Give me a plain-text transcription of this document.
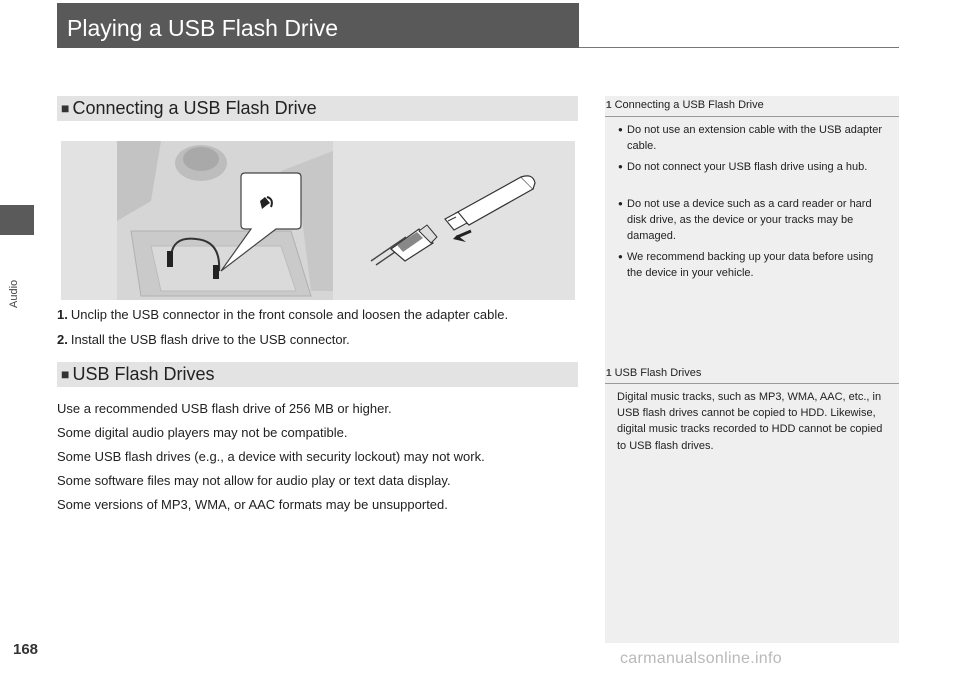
Audio
Playing a USB Flash Drive
■ Connecting a USB Flash Drive
1. Unclip the USB connector in the front console and loosen the adapter cable.
2. Install the USB flash drive to the USB connector.
■ USB Flash Drives
Use a recommended USB flash drive of 256 MB or higher.
Some digital audio players may not be compatible.
Some USB flash drives (e.g., a device with security lockout) may not work.
Some software files may not allow for audio play or text data display.
Some versions of MP3, WMA, or AAC formats may be unsupported.
1 Connecting a USB Flash Drive
● Do not use an extension cable with the USB adapter cable.
● Do not connect your USB flash drive using a hub.
● Do not use a device such as a card reader or hard disk drive, as the device or your tracks may be damaged.
● We recommend backing up your data before using the device in your vehicle.
1 USB Flash Drives
Digital music tracks, such as MP3, WMA, AAC, etc., in USB flash drives cannot be copied to HDD. Likewise, digital music tracks recorded to HDD cannot be copied to USB flash drives.
168
carmanualsonline.info
